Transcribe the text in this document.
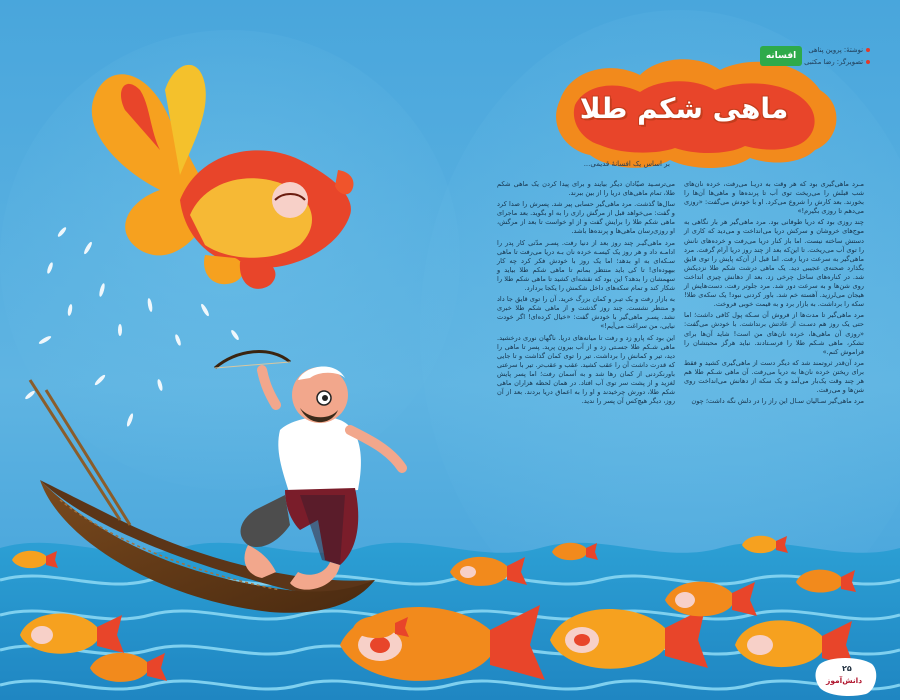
ماهی شکم طلا
افسانه
نوشتهٔ: پروین پناهی
تصویرگر: رضا مکتبی
بر اساس یک افسانهٔ قدیمی...

مـرد ماهی‌گیری بود که هر وقت به دریـا می‌رفت، خرده نان‌های شب قبلش را می‌ریخت توی آب تا پرنده‌ها و ماهی‌ها آن‌ها را بخورند. بعد کارش را شروع می‌کرد. او با خودش می‌گفت: «روزی می‌دهم تا روزی بگیرم!»

چند روزی بود که دریا طوفانی بود. مرد ماهی‌گیر هر بار نگاهی به موج‌های خروشان و سرکش دریا می‌انداخت و می‌دید که کاری از دستش ساخته نیست. اما باز کنار دریا می‌رفت و خرده‌های نانش را توی آب می‌ریخت. تا این‌که بعد از چند روز دریا آرام گرفت. مرد ماهی‌گیر به سرعت دریا رفت. اما قبل از آن‌که پایش را توی قایق بگذارد صحنه‌ی عجیبی دید. یک ماهی درشت شکم طلا نزدیکش شد. در کناره‌های ساحل چرخی زد. بعد از دهانش چیزی انداخت روی شن‌ها و به سرعت دور شد. مرد جلوتر رفت. دست‌هایش از هیجان می‌لرزید. آهسته خم شد. باور کردنی نبود! یک سکه‌ی طلا! سکه را برداشت. به بازار برد و به قیمت خوبی فروخت.

مرد ماهی‌گیر تا مدت‌ها از فروش آن سـکه پول کافی داشت؛ اما حتی یک روز هم دسـت از عادتش برنداشت. با خودش می‌گفت: «روزی آن ماهی‌ها، خرده نان‌های من است! شاید آن‌ها برای تشکر، ماهی شـکم طلا را فرسـتادند. نباید هرگز محبتشان را فراموش کنم.»

مرد آن‌قدر ثروتمند شد که دیگر دست از ماهی‌گیری کشید و فقط برای ریختن خرده نان‌ها به دریا می‌رفت. آن ماهی شـکم طلا هم هر چند وقت یک‌بار می‌آمد و یک سکه از دهانش می‌انداخت روی شن‌ها و می‌رفت.

مرد ماهی‌گیر سـالیان سـال این راز را در دلش نگه داشت؛ چون

می‌ترسـید صیّادان دیگر بیایند و برای پیدا کردن یک ماهی شکم طلا، تمام ماهی‌های دریا را از بین ببرند.

سال‌ها گذشت. مرد ماهی‌گیر حسابی پیر شد. پسرش را صدا کرد و گفت: می‌خواهد قبل از مرگش رازی را به او بگوید. بعد ماجرای ماهی شکم طلا را برایش گفت و از او خواست تا بعد از مرگش، او روزی‌رسان ماهی‌ها و پرنده‌ها باشد.

مرد ماهی‌گیـر چند روز بعد از دنیا رفت. پسـر مدّتی کار پدر را ادامـه داد و هر روز یک کیسـه خرده نان بـه دریا می‌رفت تا ماهی سـکه‌ای به او بدهد؛ اما یک روز با خودش فکر کرد چه کار بیهوده‌ای! تا کی باید منتظر بمانم تا ماهی شکم طلا بیاید و سهمشان را بدهد؟ این بود که نقشه‌ای کشید تا ماهی شکم طلا را شکار کند و تمام سکه‌های داخل شکمش را یکجا بردارد.

به بازار رفت و یک تیـر و کمان بزرگ خرید. آن را توی قایق جا داد و منتظر نشست. چند روز گذشت و از ماهی شکم طلا خبری نشد. پسـر ماهی‌گیر با خودش گفت: «خیال کرده‌ای! اگر خودت نیایی، من سراغت می‌آیم!»

این بود که پارو زد و رفت تا میانه‌های دریا. ناگهان نوری درخشید. ماهی شـکم طلا جسـتی زد و از آب بیرون پرید. پسر تا ماهی را دید، تیر و کمانش را برداشت. تیر را توی کمان گذاشت و تا جایی که قدرت داشت آن را عقب کشید. عقب و عقب‌تر. تیر با سرعتی باورنکردنی از کمان رها شد و به آسمان رفت؛ اما پسر پایش لغزید و از پشت سر توی آب افتاد. در همان لحظه هزاران ماهی شکم طلا، دورش چرخیدند و او را به اعماق دریا بردند. بعد از آن روز، دیگر هیچ‌کس آن پسر را ندید.

۲۵
دانش‌آموز
